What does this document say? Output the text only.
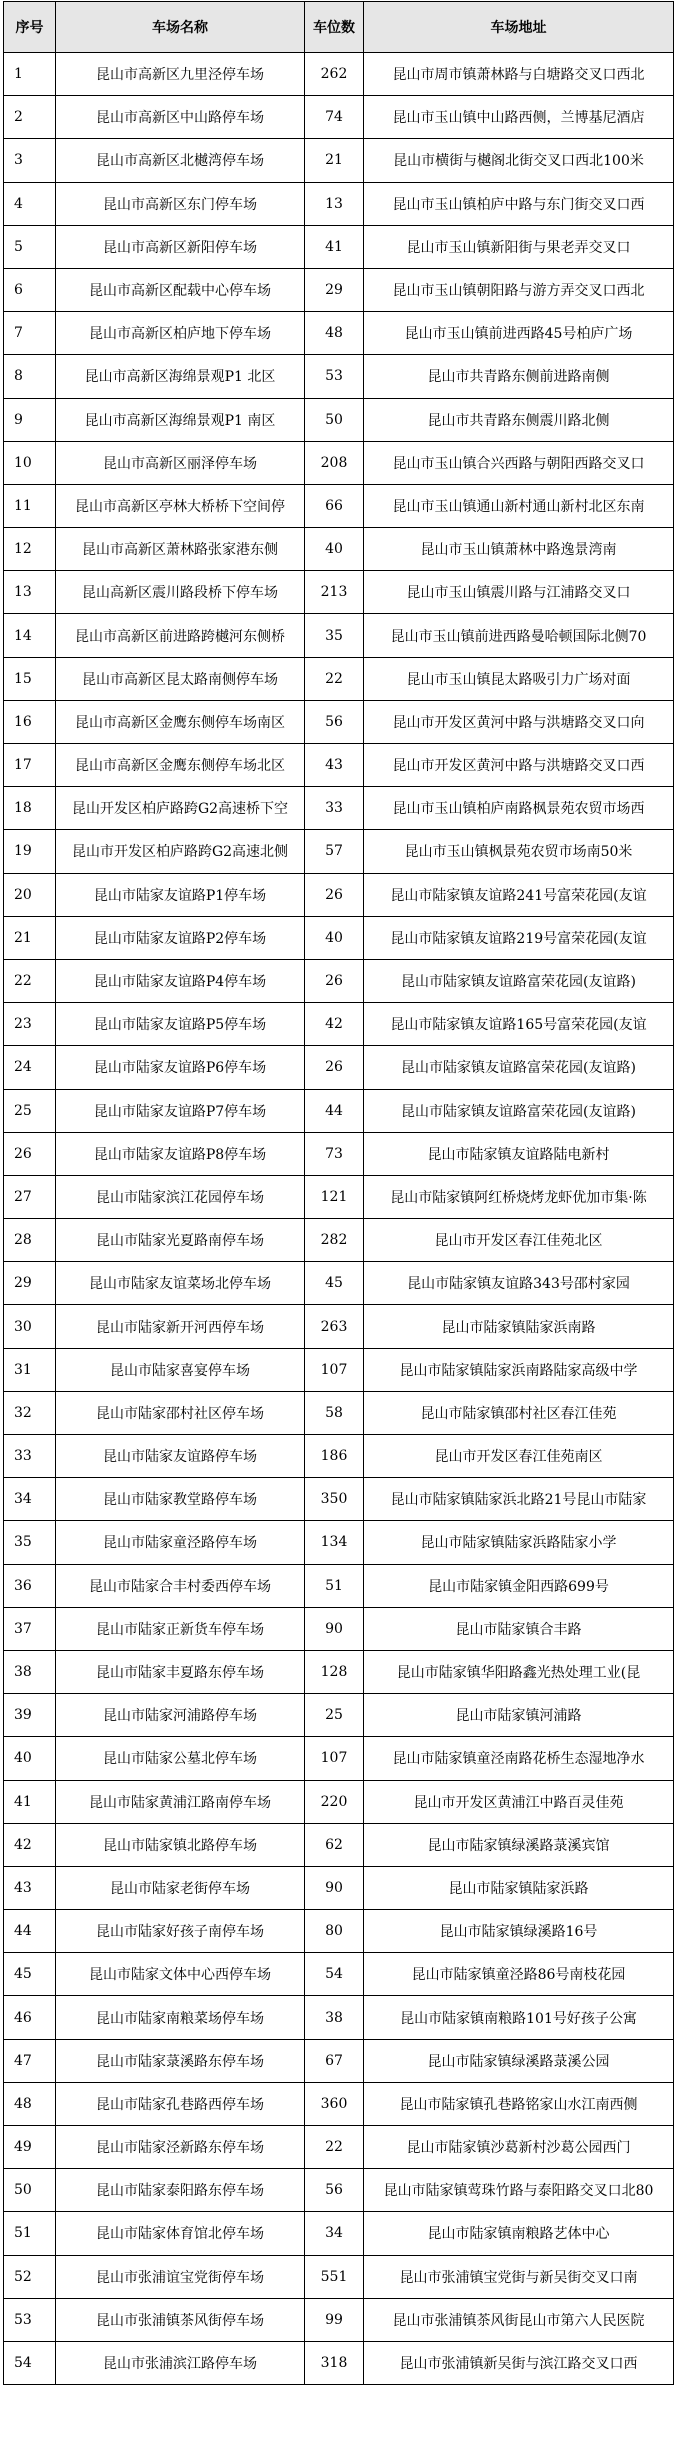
序号	车场名称	车位数	车场地址
1	昆山市高新区九里泾停车场	262	昆山市周市镇萧林路与白塘路交叉口西北
2	昆山市高新区中山路停车场	74	昆山市玉山镇中山路西侧，兰博基尼酒店
3	昆山市高新区北樾湾停车场	21	昆山市横街与樾阁北街交叉口西北100米
4	昆山市高新区东门停车场	13	昆山市玉山镇柏庐中路与东门街交叉口西
5	昆山市高新区新阳停车场	41	昆山市玉山镇新阳街与果老弄交叉口
6	昆山市高新区配载中心停车场	29	昆山市玉山镇朝阳路与游方弄交叉口西北
7	昆山市高新区柏庐地下停车场	48	昆山市玉山镇前进西路45号柏庐广场
8	昆山市高新区海绵景观P1 北区	53	昆山市共青路东侧前进路南侧
9	昆山市高新区海绵景观P1 南区	50	昆山市共青路东侧震川路北侧
10	昆山市高新区丽泽停车场	208	昆山市玉山镇合兴西路与朝阳西路交叉口
11	昆山市高新区亭林大桥桥下空间停	66	昆山市玉山镇通山新村通山新村北区东南
12	昆山市高新区萧林路张家港东侧	40	昆山市玉山镇萧林中路逸景湾南
13	昆山高新区震川路段桥下停车场	213	昆山市玉山镇震川路与江浦路交叉口
14	昆山市高新区前进路跨樾河东侧桥	35	昆山市玉山镇前进西路曼哈顿国际北侧70
15	昆山市高新区昆太路南侧停车场	22	昆山市玉山镇昆太路吸引力广场对面
16	昆山市高新区金鹰东侧停车场南区	56	昆山市开发区黄河中路与洪塘路交叉口向
17	昆山市高新区金鹰东侧停车场北区	43	昆山市开发区黄河中路与洪塘路交叉口西
18	昆山开发区柏庐路跨G2高速桥下空	33	昆山市玉山镇柏庐南路枫景苑农贸市场西
19	昆山市开发区柏庐路跨G2高速北侧	57	昆山市玉山镇枫景苑农贸市场南50米
20	昆山市陆家友谊路P1停车场	26	昆山市陆家镇友谊路241号富荣花园(友谊
21	昆山市陆家友谊路P2停车场	40	昆山市陆家镇友谊路219号富荣花园(友谊
22	昆山市陆家友谊路P4停车场	26	昆山市陆家镇友谊路富荣花园(友谊路)
23	昆山市陆家友谊路P5停车场	42	昆山市陆家镇友谊路165号富荣花园(友谊
24	昆山市陆家友谊路P6停车场	26	昆山市陆家镇友谊路富荣花园(友谊路)
25	昆山市陆家友谊路P7停车场	44	昆山市陆家镇友谊路富荣花园(友谊路)
26	昆山市陆家友谊路P8停车场	73	昆山市陆家镇友谊路陆电新村
27	昆山市陆家滨江花园停车场	121	昆山市陆家镇阿红桥烧烤龙虾优加市集·陈
28	昆山市陆家光夏路南停车场	282	昆山市开发区春江佳苑北区
29	昆山市陆家友谊菜场北停车场	45	昆山市陆家镇友谊路343号邵村家园
30	昆山市陆家新开河西停车场	263	昆山市陆家镇陆家浜南路
31	昆山市陆家喜宴停车场	107	昆山市陆家镇陆家浜南路陆家高级中学
32	昆山市陆家邵村社区停车场	58	昆山市陆家镇邵村社区春江佳苑
33	昆山市陆家友谊路停车场	186	昆山市开发区春江佳苑南区
34	昆山市陆家教堂路停车场	350	昆山市陆家镇陆家浜北路21号昆山市陆家
35	昆山市陆家童泾路停车场	134	昆山市陆家镇陆家浜路陆家小学
36	昆山市陆家合丰村委西停车场	51	昆山市陆家镇金阳西路699号
37	昆山市陆家正新货车停车场	90	昆山市陆家镇合丰路
38	昆山市陆家丰夏路东停车场	128	昆山市陆家镇华阳路鑫光热处理工业(昆
39	昆山市陆家河浦路停车场	25	昆山市陆家镇河浦路
40	昆山市陆家公墓北停车场	107	昆山市陆家镇童泾南路花桥生态湿地净水
41	昆山市陆家黄浦江路南停车场	220	昆山市开发区黄浦江中路百灵佳苑
42	昆山市陆家镇北路停车场	62	昆山市陆家镇绿溪路菉溪宾馆
43	昆山市陆家老街停车场	90	昆山市陆家镇陆家浜路
44	昆山市陆家好孩子南停车场	80	昆山市陆家镇绿溪路16号
45	昆山市陆家文体中心西停车场	54	昆山市陆家镇童泾路86号南枝花园
46	昆山市陆家南粮菜场停车场	38	昆山市陆家镇南粮路101号好孩子公寓
47	昆山市陆家菉溪路东停车场	67	昆山市陆家镇绿溪路菉溪公园
48	昆山市陆家孔巷路西停车场	360	昆山市陆家镇孔巷路铭家山水江南西侧
49	昆山市陆家泾新路东停车场	22	昆山市陆家镇沙葛新村沙葛公园西门
50	昆山市陆家泰阳路东停车场	56	昆山市陆家镇莺珠竹路与泰阳路交叉口北80
51	昆山市陆家体育馆北停车场	34	昆山市陆家镇南粮路艺体中心
52	昆山市张浦谊宝党街停车场	551	昆山市张浦镇宝党街与新吴街交叉口南
53	昆山市张浦镇茶风街停车场	99	昆山市张浦镇茶风街昆山市第六人民医院
54	昆山市张浦滨江路停车场	318	昆山市张浦镇新吴街与滨江路交叉口西
